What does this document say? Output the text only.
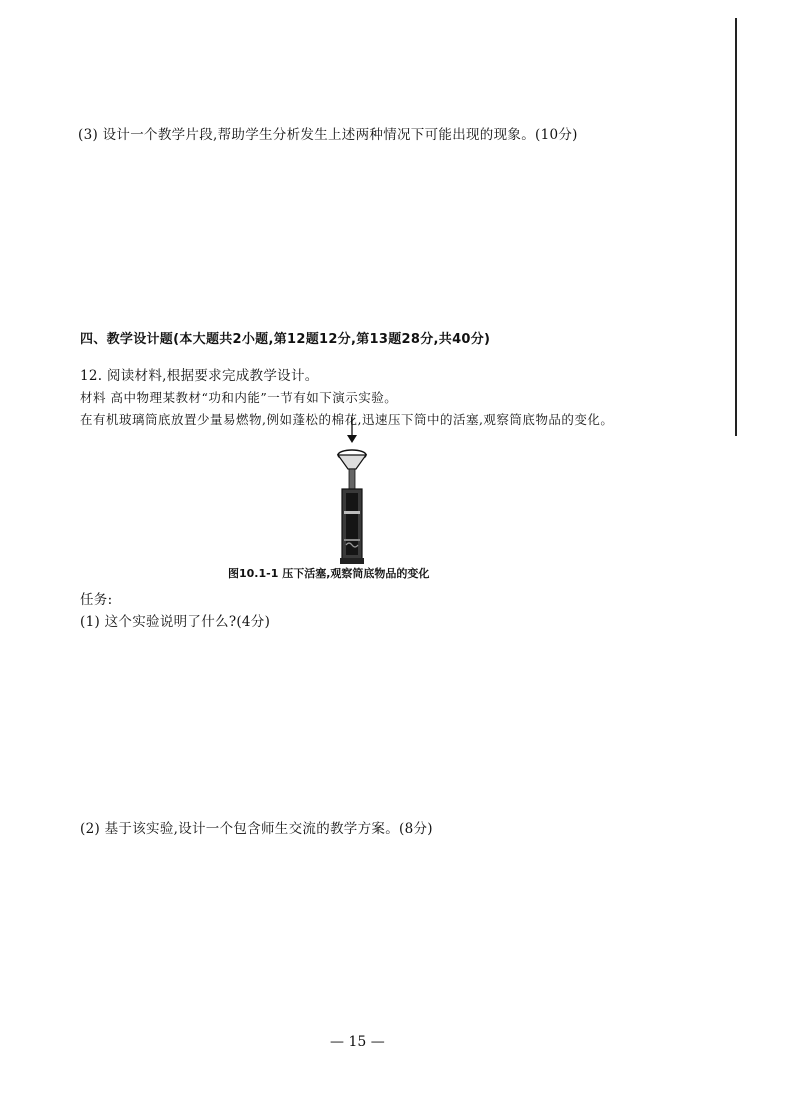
(3) 设计一个教学片段,帮助学生分析发生上述两种情况下可能出现的现象。(10分)
四、教学设计题(本大题共2小题,第12题12分,第13题28分,共40分)
12. 阅读材料,根据要求完成教学设计。
材料 高中物理某教材“功和内能”一节有如下演示实验。
在有机玻璃筒底放置少量易燃物,例如蓬松的棉花,迅速压下筒中的活塞,观察筒底物品的变化。
图10.1-1 压下活塞,观察筒底物品的变化
任务:
(1) 这个实验说明了什么?(4分)
(2) 基于该实验,设计一个包含师生交流的教学方案。(8分)
— 15 —
